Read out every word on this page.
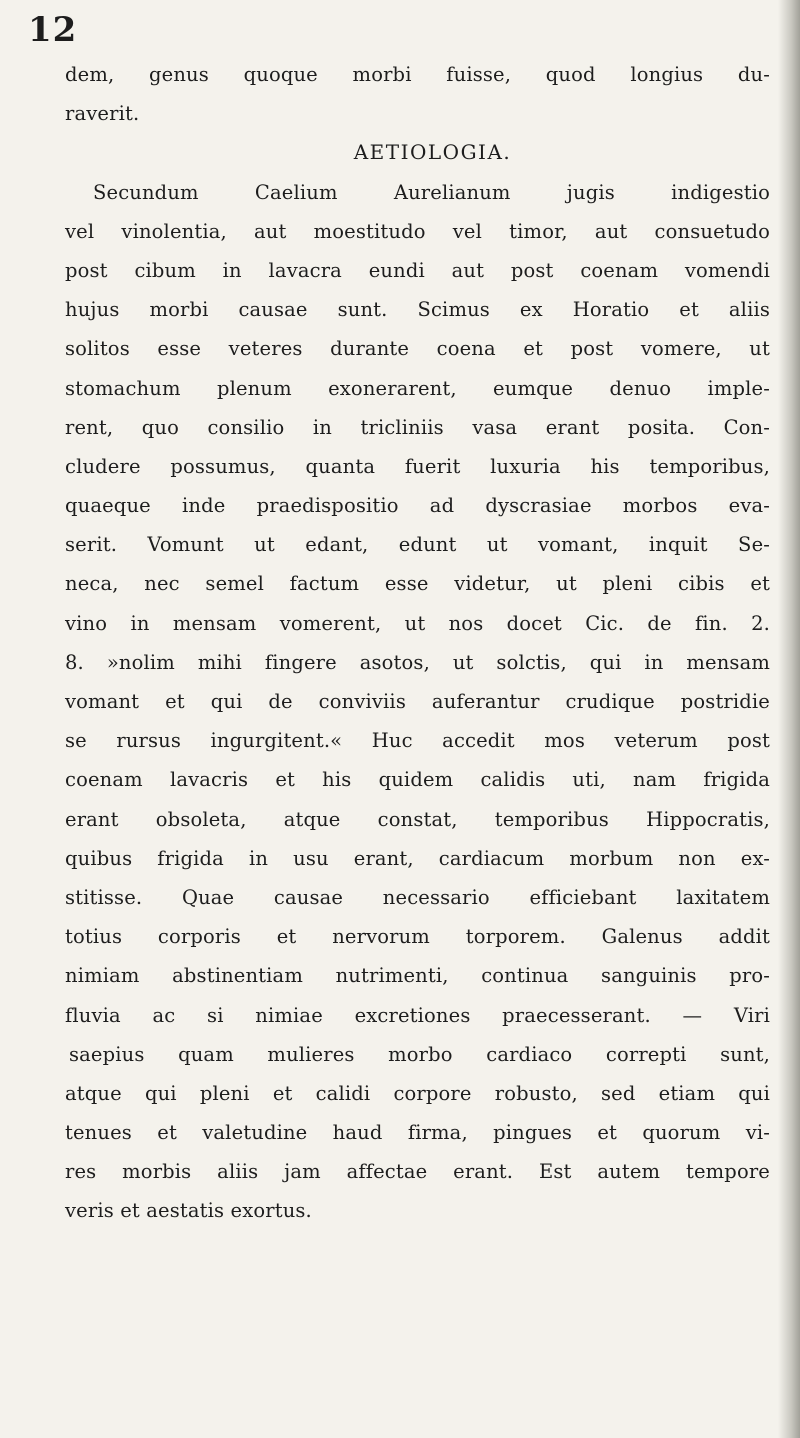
12
dem, genus quoque morbi fuisse, quod longius du-
raverit.
AETIOLOGIA.
Secundum Caelium Aurelianum jugis indigestio
vel vinolentia, aut moestitudo vel timor, aut consuetudo
post cibum in lavacra eundi aut post coenam vomendi
hujus morbi causae sunt. Scimus ex Horatio et aliis
solitos esse veteres durante coena et post vomere, ut
stomachum plenum exonerarent, eumque denuo imple-
rent, quo consilio in tricliniis vasa erant posita. Con-
cludere possumus, quanta fuerit luxuria his temporibus,
quaeque inde praedispositio ad dyscrasiae morbos eva-
serit. Vomunt ut edant, edunt ut vomant, inquit Se-
neca, nec semel factum esse videtur, ut pleni cibis et
vino in mensam vomerent, ut nos docet Cic. de fin. 2.
8. »nolim mihi fingere asotos, ut solctis, qui in mensam
vomant et qui de conviviis auferantur crudique postridie
se rursus ingurgitent.« Huc accedit mos veterum post
coenam lavacris et his quidem calidis uti, nam frigida
erant obsoleta, atque constat, temporibus Hippocratis,
quibus frigida in usu erant, cardiacum morbum non ex-
stitisse. Quae causae necessario efficiebant laxitatem
totius corporis et nervorum torporem. Galenus addit
nimiam abstinentiam nutrimenti, continua sanguinis pro-
fluvia ac si nimiae excretiones praecesserant. — Viri
saepius quam mulieres morbo cardiaco correpti sunt,
atque qui pleni et calidi corpore robusto, sed etiam qui
tenues et valetudine haud firma, pingues et quorum vi-
res morbis aliis jam affectae erant. Est autem tempore
veris et aestatis exortus.
